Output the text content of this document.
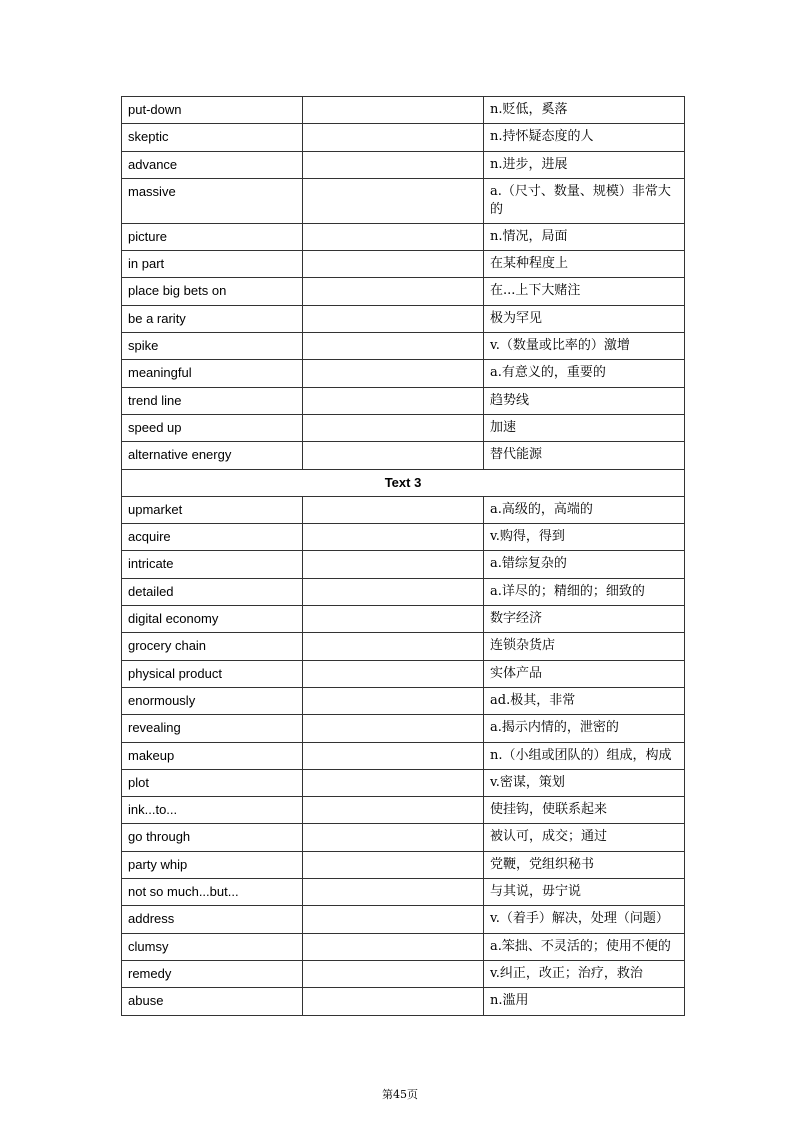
put-down		n.贬低，奚落
skeptic		n.持怀疑态度的人
advance		n.进步，进展
massive		a.（尺寸、数量、规模）非常大的
picture		n.情况，局面
in part		在某种程度上
place big bets on		在...上下大赌注
be a rarity		极为罕见
spike		v.（数量或比率的）激增
meaningful		a.有意义的，重要的
trend line		趋势线
speed up		加速
alternative energy		替代能源
Text 3		
upmarket		a.高级的，高端的
acquire		v.购得，得到
intricate		a.错综复杂的
detailed		a.详尽的；精细的；细致的
digital economy		数字经济
grocery chain		连锁杂货店
physical product		实体产品
enormously		ad.极其，非常
revealing		a.揭示内情的，泄密的
makeup		n.（小组或团队的）组成，构成
plot		v.密谋，策划
ink...to...		使挂钩，使联系起来
go through		被认可，成交；通过
party whip		党鞭，党组织秘书
not so much...but...		与其说，毋宁说
address		v.（着手）解决，处理（问题）
clumsy		a.笨拙、不灵活的；使用不便的
remedy		v.纠正，改正；治疗，救治
abuse		n.滥用
第45页
